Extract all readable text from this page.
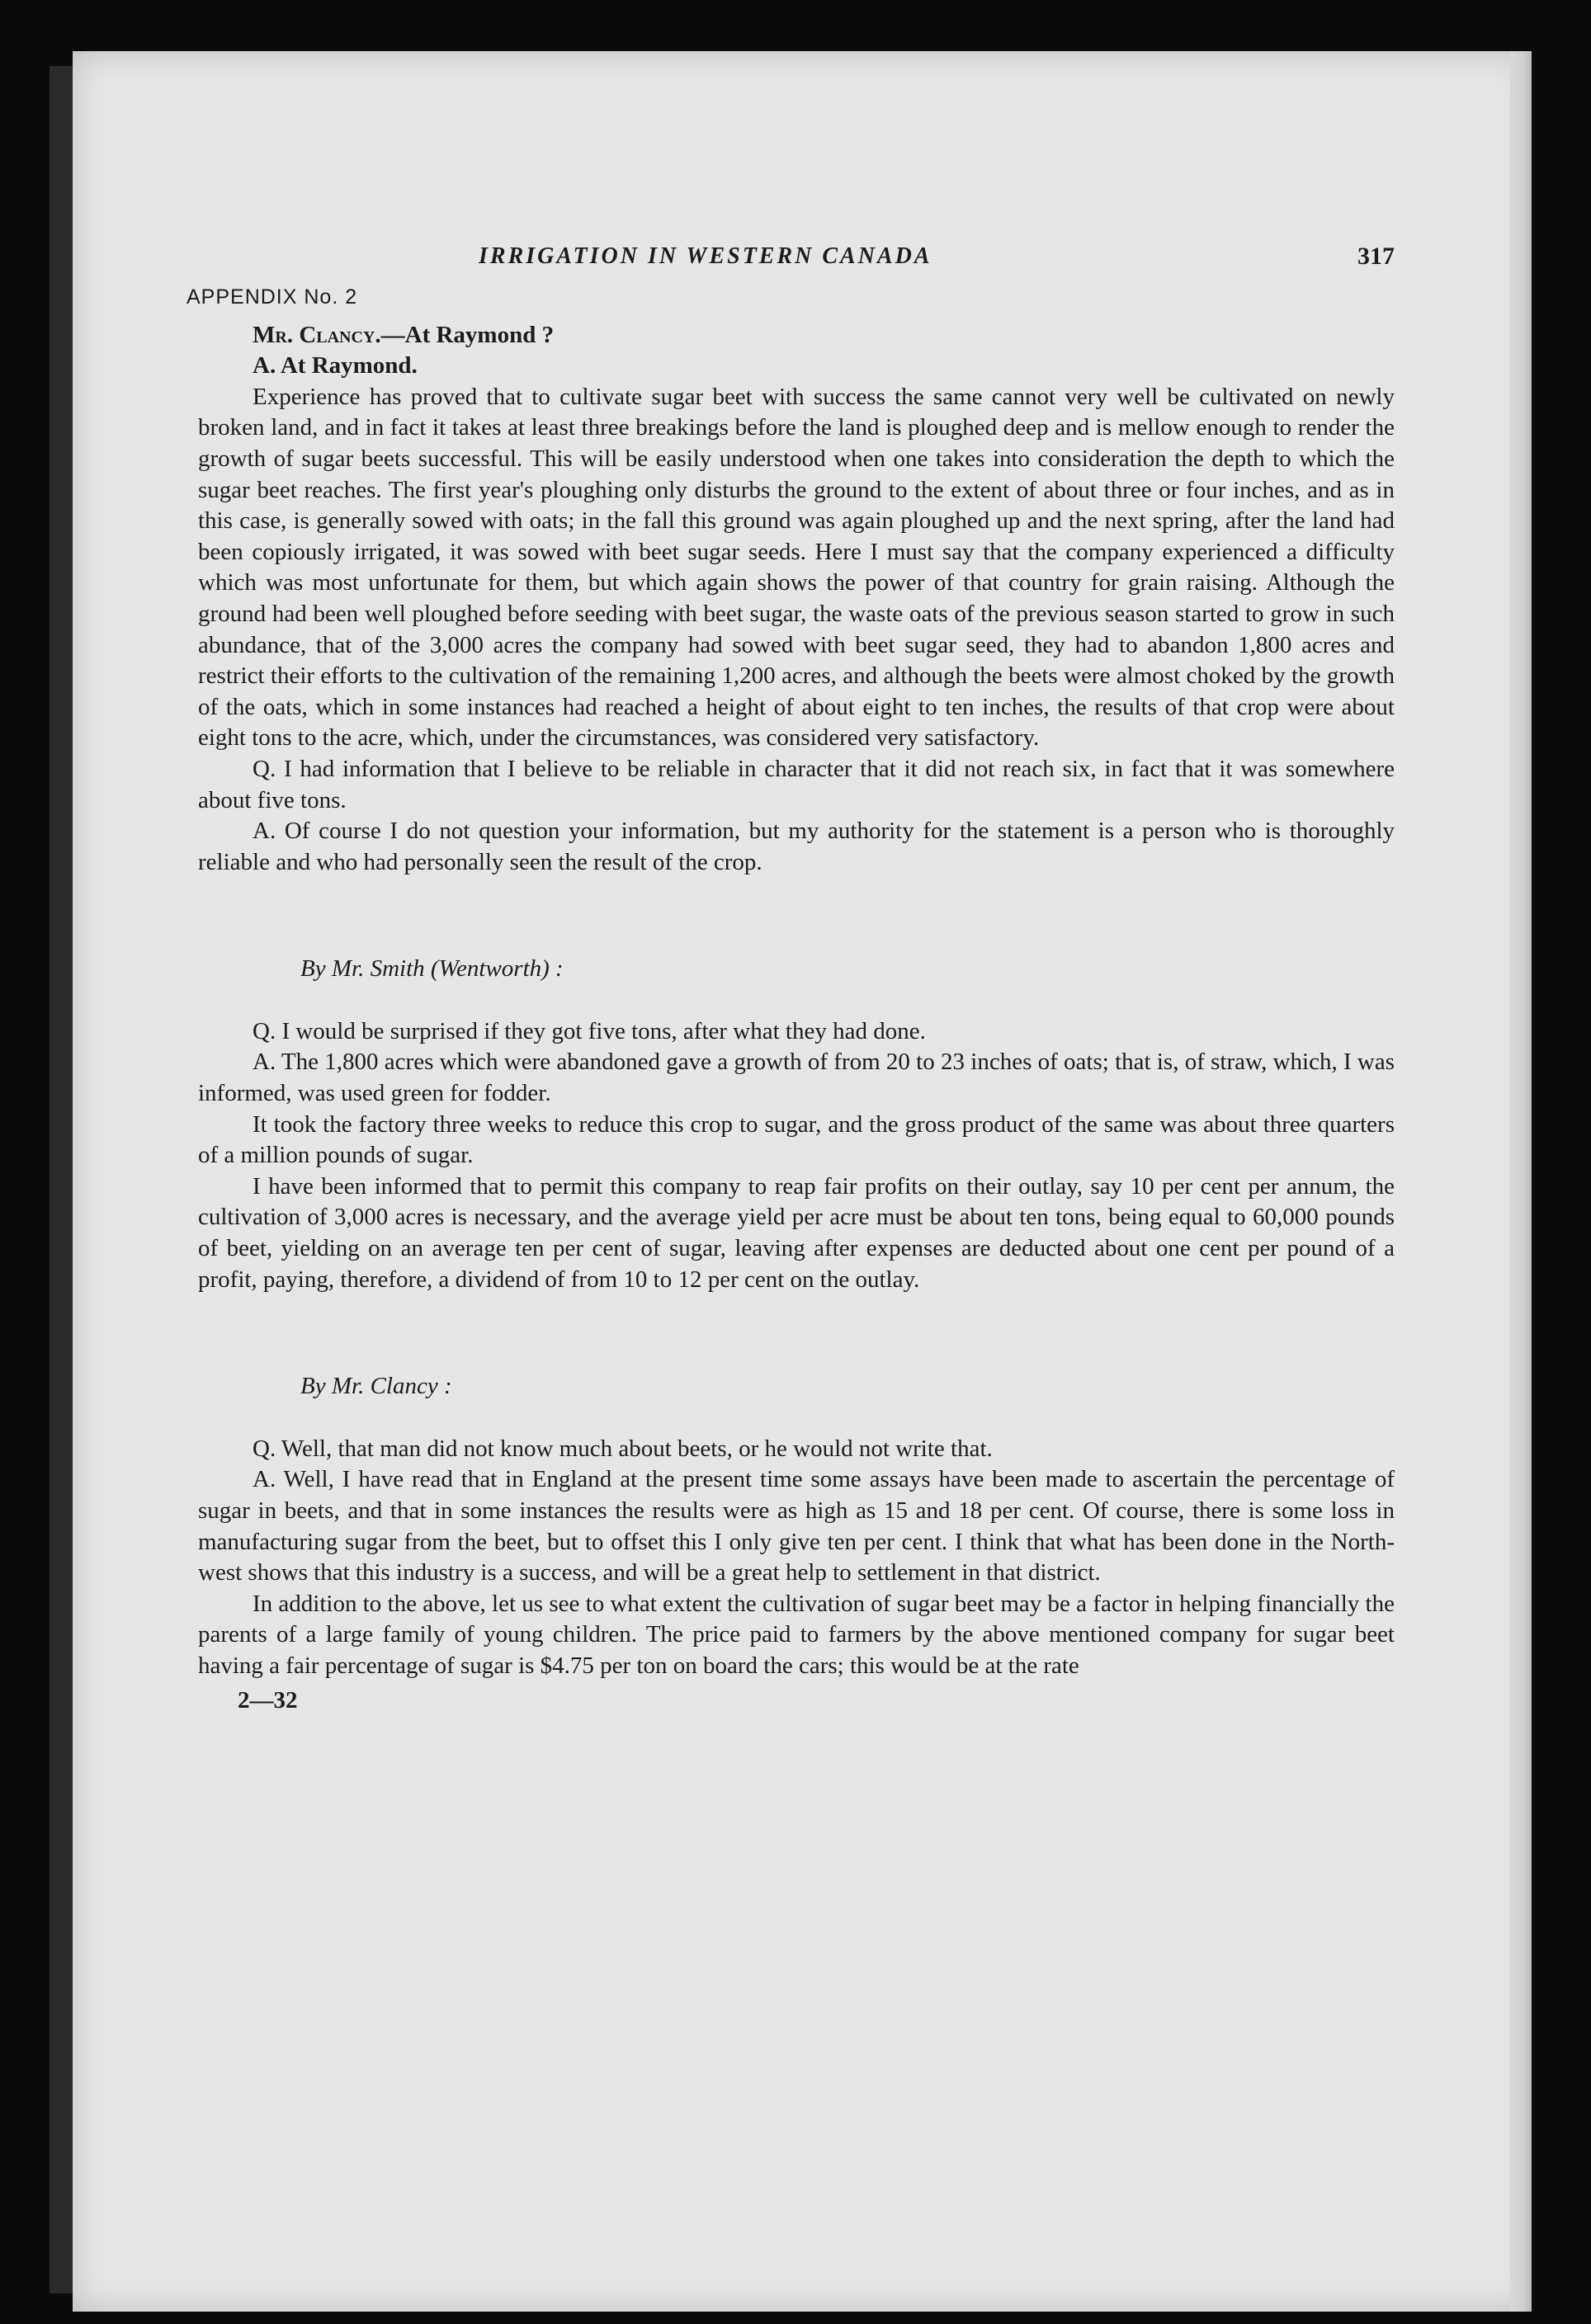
IRRIGATION IN WESTERN CANADA	317
APPENDIX No. 2

Mr. Clancy.—At Raymond ?

A. At Raymond.

Experience has proved that to cultivate sugar beet with success the same cannot very well be cultivated on newly broken land, and in fact it takes at least three breakings before the land is ploughed deep and is mellow enough to render the growth of sugar beets successful. This will be easily understood when one takes into consideration the depth to which the sugar beet reaches. The first year's ploughing only disturbs the ground to the extent of about three or four inches, and as in this case, is generally sowed with oats; in the fall this ground was again ploughed up and the next spring, after the land had been copiously irrigated, it was sowed with beet sugar seeds. Here I must say that the company experienced a difficulty which was most unfortunate for them, but which again shows the power of that country for grain raising. Although the ground had been well ploughed before seeding with beet sugar, the waste oats of the previous season started to grow in such abundance, that of the 3,000 acres the company had sowed with beet sugar seed, they had to abandon 1,800 acres and restrict their efforts to the cultivation of the remaining 1,200 acres, and although the beets were almost choked by the growth of the oats, which in some instances had reached a height of about eight to ten inches, the results of that crop were about eight tons to the acre, which, under the circumstances, was considered very satisfactory.

Q. I had information that I believe to be reliable in character that it did not reach six, in fact that it was somewhere about five tons.

A. Of course I do not question your information, but my authority for the statement is a person who is thoroughly reliable and who had personally seen the result of the crop.

By Mr. Smith (Wentworth) :

Q. I would be surprised if they got five tons, after what they had done.

A. The 1,800 acres which were abandoned gave a growth of from 20 to 23 inches of oats; that is, of straw, which, I was informed, was used green for fodder.

It took the factory three weeks to reduce this crop to sugar, and the gross product of the same was about three quarters of a million pounds of sugar.

I have been informed that to permit this company to reap fair profits on their outlay, say 10 per cent per annum, the cultivation of 3,000 acres is necessary, and the average yield per acre must be about ten tons, being equal to 60,000 pounds of beet, yielding on an average ten per cent of sugar, leaving after expenses are deducted about one cent per pound of a profit, paying, therefore, a dividend of from 10 to 12 per cent on the outlay.

By Mr. Clancy :

Q. Well, that man did not know much about beets, or he would not write that.

A. Well, I have read that in England at the present time some assays have been made to ascertain the percentage of sugar in beets, and that in some instances the results were as high as 15 and 18 per cent. Of course, there is some loss in manufacturing sugar from the beet, but to offset this I only give ten per cent. I think that what has been done in the North-west shows that this industry is a success, and will be a great help to settlement in that district.

In addition to the above, let us see to what extent the cultivation of sugar beet may be a factor in helping financially the parents of a large family of young children. The price paid to farmers by the above mentioned company for sugar beet having a fair percentage of sugar is $4.75 per ton on board the cars; this would be at the rate

2—32
